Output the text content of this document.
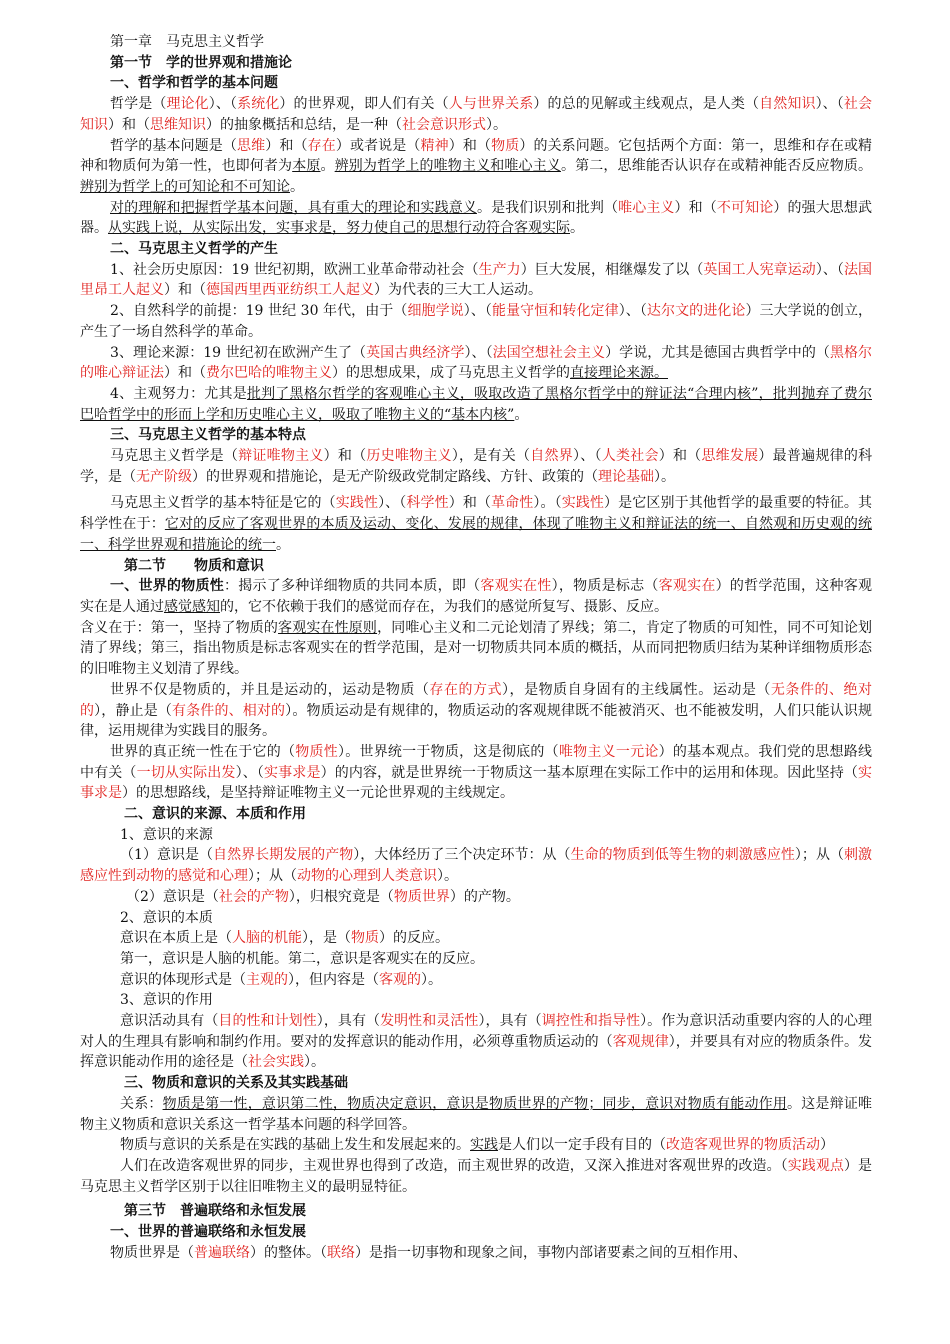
第一章　马克思主义哲学

第一节　学的世界观和措施论

一、哲学和哲学的基本问题

哲学是（理论化）、（系统化）的世界观，即人们有关（人与世界关系）的总的见解或主线观点，是人类（自然知识）、（社会知识）和（思维知识）的抽象概括和总结，是一种（社会意识形式）。

哲学的基本问题是（思维）和（存在）或者说是（精神）和（物质）的关系问题。它包括两个方面：第一，思维和存在或精神和物质何为第一性，也即何者为本原。辨别为哲学上的唯物主义和唯心主义。第二，思维能否认识存在或精神能否反应物质。辨别为哲学上的可知论和不可知论。

对的理解和把握哲学基本问题，具有重大的理论和实践意义。是我们识别和批判（唯心主义）和（不可知论）的强大思想武器。从实践上说，从实际出发，实事求是，努力使自己的思想行动符合客观实际。

二、马克思主义哲学的产生

1、社会历史原因：19 世纪初期，欧洲工业革命带动社会（生产力）巨大发展，相继爆发了以（英国工人宪章运动）、（法国里昂工人起义）和（德国西里西亚纺织工人起义）为代表的三大工人运动。

2、自然科学的前提：19 世纪 30 年代，由于（细胞学说）、（能量守恒和转化定律）、（达尔文的进化论）三大学说的创立，产生了一场自然科学的革命。

3、理论来源：19 世纪初在欧洲产生了（英国古典经济学）、（法国空想社会主义）学说，尤其是德国古典哲学中的（黑格尔的唯心辩证法）和（费尔巴哈的唯物主义）的思想成果，成了马克思主义哲学的直接理论来源。

4、主观努力：尤其是批判了黑格尔哲学的客观唯心主义，吸取改造了黑格尔哲学中的辩证法“合理内核”，批判抛弃了费尔巴哈哲学中的形而上学和历史唯心主义，吸取了唯物主义的“基本内核”。

三、马克思主义哲学的基本特点

马克思主义哲学是（辩证唯物主义）和（历史唯物主义），是有关（自然界）、（人类社会）和（思维发展）最普遍规律的科学，是（无产阶级）的世界观和措施论，是无产阶级政党制定路线、方针、政策的（理论基础）。

马克思主义哲学的基本特征是它的（实践性）、（科学性）和（革命性）。（实践性）是它区别于其他哲学的最重要的特征。其科学性在于：它对的反应了客观世界的本质及运动、变化、发展的规律，体现了唯物主义和辩证法的统一、自然观和历史观的统一、科学世界观和措施论的统一。

第二节　　物质和意识

一、世界的物质性：揭示了多种详细物质的共同本质，即（客观实在性），物质是标志（客观实在）的哲学范围，这种客观实在是人通过感觉感知的，它不依赖于我们的感觉而存在，为我们的感觉所复写、摄影、反应。

含义在于：第一，坚持了物质的客观实在性原则，同唯心主义和二元论划清了界线；第二，肯定了物质的可知性，同不可知论划清了界线；第三，指出物质是标志客观实在的哲学范围，是对一切物质共同本质的概括，从而同把物质归结为某种详细物质形态的旧唯物主义划清了界线。

世界不仅是物质的，并且是运动的，运动是物质（存在的方式），是物质自身固有的主线属性。运动是（无条件的、绝对的），静止是（有条件的、相对的）。物质运动是有规律的，物质运动的客观规律既不能被消灭、也不能被发明，人们只能认识规律，运用规律为实践目的服务。

世界的真正统一性在于它的（物质性）。世界统一于物质，这是彻底的（唯物主义一元论）的基本观点。我们党的思想路线中有关（一切从实际出发）、（实事求是）的内容，就是世界统一于物质这一基本原理在实际工作中的运用和体现。因此坚持（实事求是）的思想路线，是坚持辩证唯物主义一元论世界观的主线规定。

二、意识的来源、本质和作用

1、意识的来源

（1）意识是（自然界长期发展的产物），大体经历了三个决定环节：从（生命的物质到低等生物的刺激感应性）；从（刺激感应性到动物的感觉和心理）；从（动物的心理到人类意识）。

（2）意识是（社会的产物），归根究竟是（物质世界）的产物。

2、意识的本质

意识在本质上是（人脑的机能），是（物质）的反应。

第一，意识是人脑的机能。第二，意识是客观实在的反应。

意识的体现形式是（主观的），但内容是（客观的）。

3、意识的作用

意识活动具有（目的性和计划性），具有（发明性和灵活性），具有（调控性和指导性）。作为意识活动重要内容的人的心理对人的生理具有影响和制约作用。要对的发挥意识的能动作用，必须尊重物质运动的（客观规律），并要具有对应的物质条件。发挥意识能动作用的途径是（社会实践）。

三、物质和意识的关系及其实践基础

关系：物质是第一性，意识第二性，物质决定意识，意识是物质世界的产物；同步，意识对物质有能动作用。这是辩证唯物主义物质和意识关系这一哲学基本问题的科学回答。

物质与意识的关系是在实践的基础上发生和发展起来的。实践是人们以一定手段有目的（改造客观世界的物质活动）

人们在改造客观世界的同步，主观世界也得到了改造，而主观世界的改造，又深入推进对客观世界的改造。（实践观点）是马克思主义哲学区别于以往旧唯物主义的最明显特征。

第三节　普遍联络和永恒发展

一、世界的普遍联络和永恒发展

物质世界是（普遍联络）的整体。（联络）是指一切事物和现象之间，事物内部诸要素之间的互相作用、
